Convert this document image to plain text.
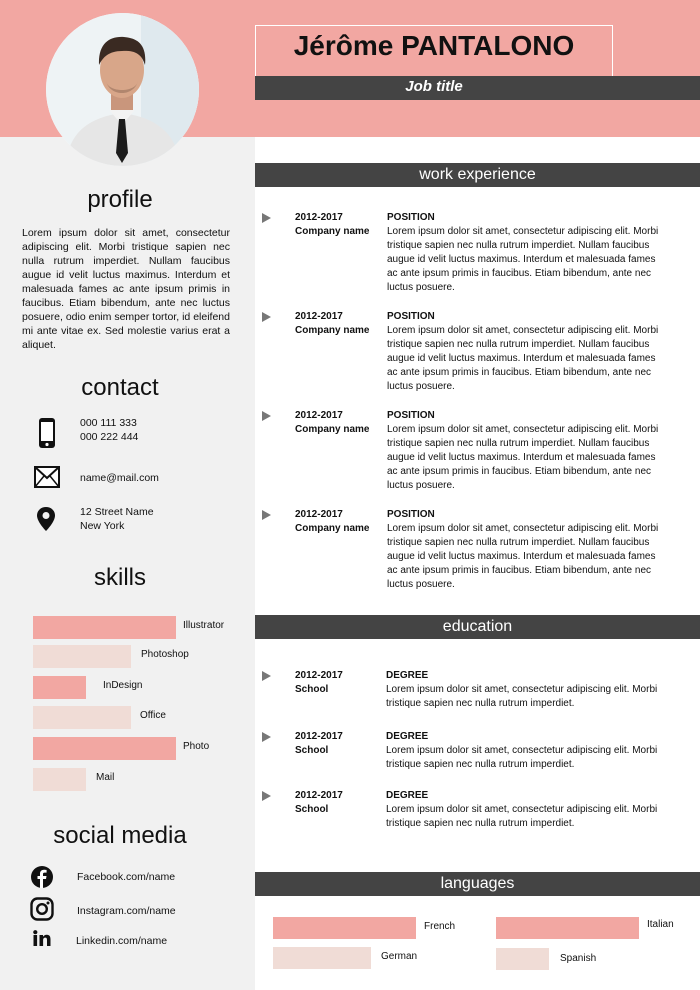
Jérôme PANTALONO
Job title
profile
Lorem ipsum dolor sit amet, consectetur adipiscing elit. Morbi tristique sapien nec nulla rutrum imperdiet. Nullam faucibus augue id velit luctus maximus. Interdum et malesuada fames ac ante ipsum primis in faucibus. Etiam bibendum, ante nec luctus posuere, odio enim semper tortor, id eleifend mi ante vitae ex. Sed molestie varius erat a aliquet.
contact
000 111 333
000 222 444
name@mail.com
12 Street Name
New York
skills
Illustrator
Photoshop
InDesign
Office
Photo
Mail
social media
Facebook.com/name
Instagram.com/name
Linkedin.com/name
work experience
2012-2017
Company name
POSITION
Lorem ipsum dolor sit amet, consectetur adipiscing elit. Morbi tristique sapien nec nulla rutrum imperdiet. Nullam faucibus augue id velit luctus maximus. Interdum et malesuada fames ac ante ipsum primis in faucibus. Etiam bibendum, ante nec luctus posuere.
2012-2017
Company name
POSITION
Lorem ipsum dolor sit amet, consectetur adipiscing elit. Morbi tristique sapien nec nulla rutrum imperdiet. Nullam faucibus augue id velit luctus maximus. Interdum et malesuada fames ac ante ipsum primis in faucibus. Etiam bibendum, ante nec luctus posuere.
2012-2017
Company name
POSITION
Lorem ipsum dolor sit amet, consectetur adipiscing elit. Morbi tristique sapien nec nulla rutrum imperdiet. Nullam faucibus augue id velit luctus maximus. Interdum et malesuada fames ac ante ipsum primis in faucibus. Etiam bibendum, ante nec luctus posuere.
2012-2017
Company name
POSITION
Lorem ipsum dolor sit amet, consectetur adipiscing elit. Morbi tristique sapien nec nulla rutrum imperdiet. Nullam faucibus augue id velit luctus maximus. Interdum et malesuada fames ac ante ipsum primis in faucibus. Etiam bibendum, ante nec luctus posuere.
education
2012-2017
School
DEGREE
Lorem ipsum dolor sit amet, consectetur adipiscing elit. Morbi tristique sapien nec nulla rutrum imperdiet.
2012-2017
School
DEGREE
Lorem ipsum dolor sit amet, consectetur adipiscing elit. Morbi tristique sapien nec nulla rutrum imperdiet.
2012-2017
School
DEGREE
Lorem ipsum dolor sit amet, consectetur adipiscing elit. Morbi tristique sapien nec nulla rutrum imperdiet.
languages
French	Italian
German	Spanish
